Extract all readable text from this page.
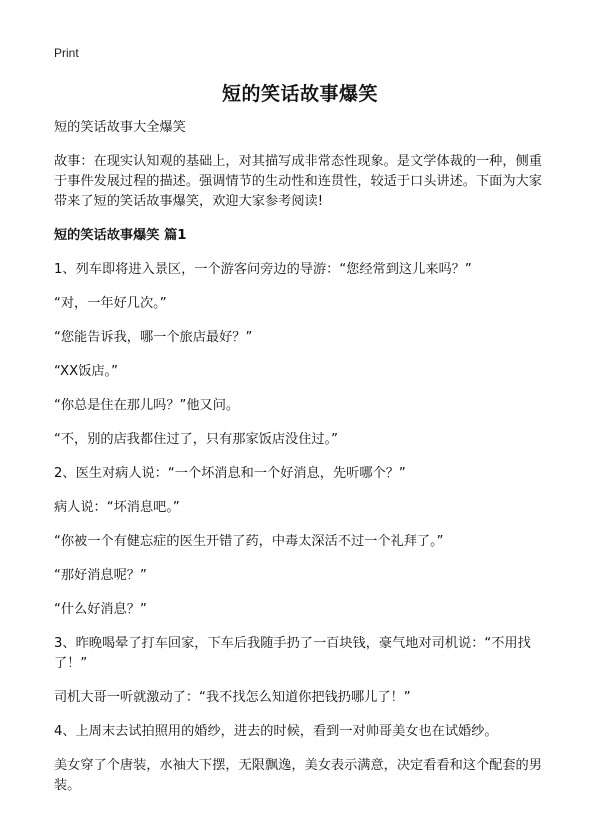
Print
短的笑话故事爆笑

短的笑话故事大全爆笑

故事：在现实认知观的基础上，对其描写成非常态性现象。是文学体裁的一种，侧重于事件发展过程的描述。强调情节的生动性和连贯性，较适于口头讲述。下面为大家带来了短的笑话故事爆笑，欢迎大家参考阅读!

短的笑话故事爆笑 篇1

1、列车即将进入景区，一个游客问旁边的导游：“您经常到这儿来吗？”

“对，一年好几次。”

“您能告诉我，哪一个旅店最好？”

“XX饭店。”

“你总是住在那儿吗？”他又问。

“不，别的店我都住过了，只有那家饭店没住过。”

2、医生对病人说：“一个坏消息和一个好消息，先听哪个？”

病人说：“坏消息吧。”

“你被一个有健忘症的医生开错了药，中毒太深活不过一个礼拜了。”

“那好消息呢？”

“什么好消息？”

3、昨晚喝晕了打车回家，下车后我随手扔了一百块钱，豪气地对司机说：“不用找了！”

司机大哥一听就激动了：“我不找怎么知道你把钱扔哪儿了！”

4、上周末去试拍照用的婚纱，进去的时候，看到一对帅哥美女也在试婚纱。

美女穿了个唐装，水袖大下摆，无限飘逸，美女表示满意，决定看看和这个配套的男装。
